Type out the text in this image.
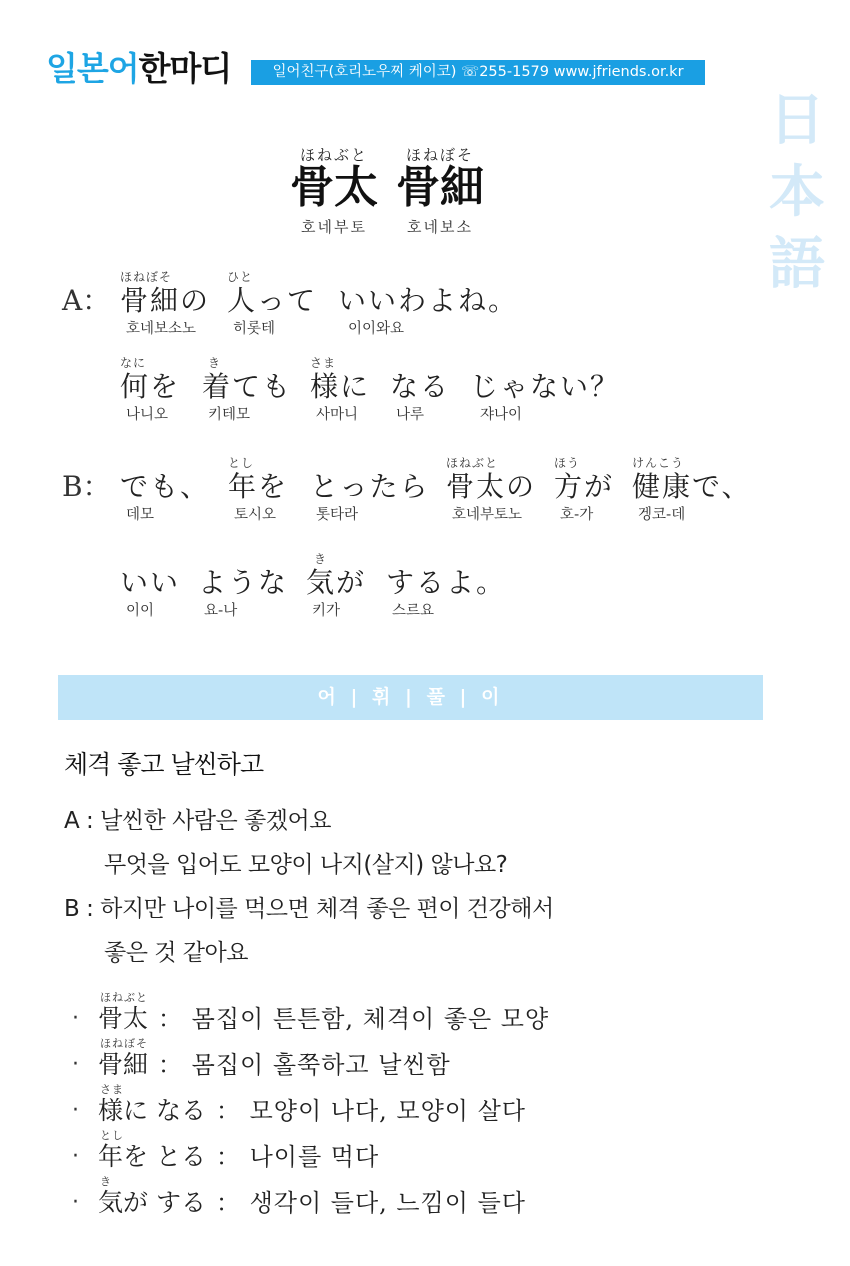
일본어 한마디	일어친구(호리노우찌 케이코) ☏255-1579 www.jfriends.or.kr
日
本
語
ほねぶと
骨太
호네부토
ほねぼそ
骨細
호네보소
A：
ほねぼそ
骨細の
호네보소노
ひと
人って
히롯테
いいわよね。
이이와요
なに
何を
나니오
き
着ても
키테모
さま
様に
사마니
なる
나루
じゃない？
쟈나이
B： でも、
데모
とし
年を
토시오
とったら
톳타라
ほねぶと
骨太の
호네부토노
ほう
方が
호-가
けんこう
健康で、
겡코-데
いい
이이
ような
요-나
き
気が
키가
するよ。
스르요
어 | 휘 | 풀 | 이
체격 좋고 날씬하고
A : 날씬한 사람은 좋겠어요
무엇을 입어도 모양이 나지(살지) 않나요?
B : 하지만 나이를 먹으면 체격 좋은 편이 건강해서
좋은 것 같아요
·
ほねぶと
骨太 ： 몸집이 튼튼함, 체격이 좋은 모양
·
ほねぼそ
骨細 ： 몸집이 홀쭉하고 날씬함
·
さま
様に なる ： 모양이 나다, 모양이 살다
·
とし
年を とる ： 나이를 먹다
·
き
気が する ： 생각이 들다, 느낌이 들다
